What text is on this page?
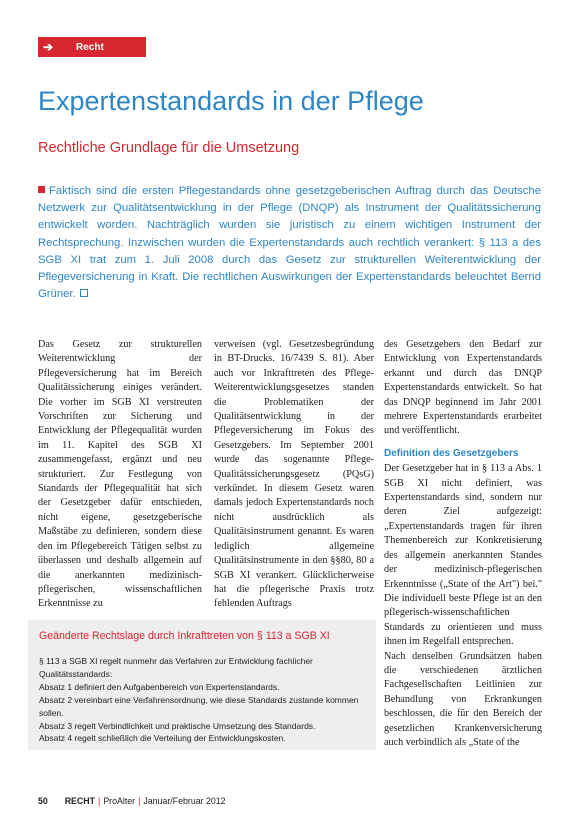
➔	Recht
Expertenstandards in der Pflege
Rechtliche Grundlage für die Umsetzung
Faktisch sind die ersten Pflegestandards ohne gesetzgeberischen Auftrag durch das Deutsche Netzwerk zur Qualitätsentwicklung in der Pflege (DNQP) als Instrument der Qualitätssicherung entwickelt worden. Nachträglich wurden sie juristisch zu einem wichtigen Instrument der Rechtsprechung. Inzwischen wurden die Expertenstandards auch rechtlich verankert: § 113 a des SGB XI trat zum 1. Juli 2008 durch das Gesetz zur strukturellen Weiterentwicklung der Pflegeversicherung in Kraft. Die rechtlichen Auswirkungen der Expertenstandards beleuchtet Bernd Grüner.

Das Gesetz zur strukturellen Weiterentwicklung der Pflegeversicherung hat im Bereich Qualitätssicherung einiges verändert. Die vorher im SGB XI verstreuten Vorschriften zur Sicherung und Entwicklung der Pflegequalität wurden im 11. Kapitel des SGB XI zusammengefasst, ergänzt und neu strukturiert. Zur Festlegung von Standards der Pflegequalität hat sich der Gesetzgeber dafür entschieden, nicht eigene, gesetzgeberische Maßstäbe zu definieren, sondern diese den im Pflegebereich Tätigen selbst zu überlassen und deshalb allgemein auf die anerkannten medizinisch-pflegerischen, wissenschaftlichen Erkenntnisse zu

verweisen (vgl. Gesetzesbegründung in BT-Drucks. 16/7439 S. 81). Aber auch vor Inkrafttreten des Pflege-Weiterentwicklungsgesetzes standen die Problematiken der Qualitätsentwicklung in der Pflegeversicherung im Fokus des Gesetzgebers. Im September 2001 wurde das sogenannte Pflege-Qualitätssicherungsgesetz (PQsG) verkündet. In diesem Gesetz waren damals jedoch Expertenstandards noch nicht ausdrücklich als Qualitätsinstrument genannt. Es waren lediglich allgemeine Qualitätsinstrumente in den §§80, 80 a SGB XI verankert. Glücklicherweise hat die pflegerische Praxis trotz fehlenden Auftrags

des Gesetzgebers den Bedarf zur Entwicklung von Expertenstandards erkannt und durch das DNQP Expertenstandards entwickelt. So hat das DNQP beginnend im Jahr 2001 mehrere Expertenstandards erarbeitet und veröffentlicht.

Definition des Gesetzgebers

Der Gesetzgeber hat in § 113 a Abs. 1 SGB XI nicht definiert, was Expertenstandards sind, sondern nur deren Ziel aufgezeigt: „Expertenstandards tragen für ihren Themenbereich zur Konkretisierung des allgemein anerkannten Standes der medizinisch-pflegerischen Erkenntnisse („State of the Art") bei." Die individuell beste Pflege ist an den pflegerisch-wissenschaftlichen Standards zu orientieren und muss ihnen im Regelfall entsprechen.

Nach denselben Grundsätzen haben die verschiedenen ärztlichen Fachgesellschaften Leitlinien zur Behandlung von Erkrankungen beschlossen, die für den Bereich der gesetzlichen Krankenversicherung auch verbindlich als „State of the

Geänderte Rechtslage durch Inkrafttreten von § 113 a SGB XI
§ 113 a SGB XI regelt nunmehr das Verfahren zur Entwicklung fachlicher Qualitätsstandards:
Absatz 1 definiert den Aufgabenbereich von Expertenstandards.
Absatz 2 vereinbart eine Verfahrensordnung, wie diese Standards zustande kommen sollen.
Absatz 3 regelt Verbindlichkeit und praktische Umsetzung des Standards.
Absatz 4 regelt schließlich die Verteilung der Entwicklungskosten.
50 RECHT | ProAlter | Januar/Februar 2012
